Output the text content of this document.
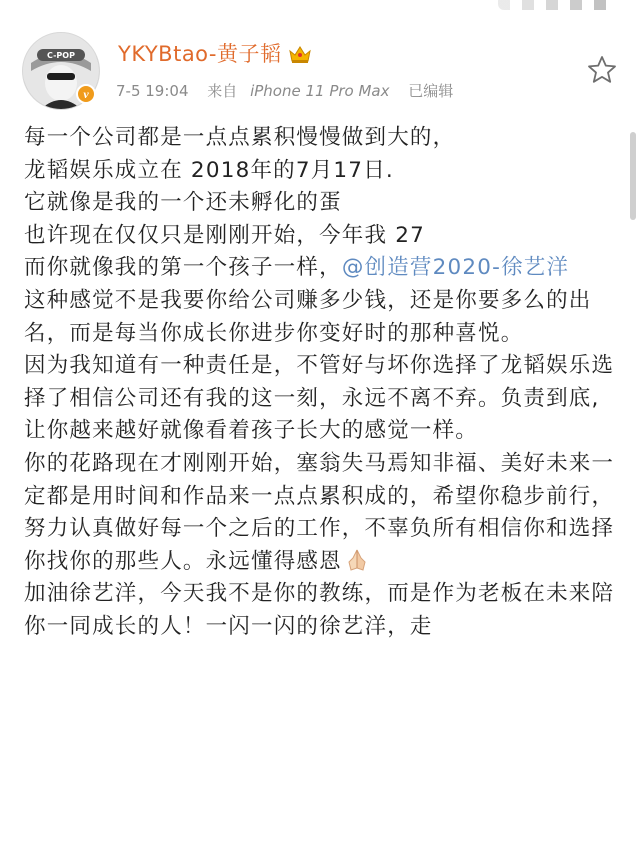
C-POP
v
YKYBtao-黄子韬
7-5 19:04 来自 iPhone 11 Pro Max 已编辑

每一个公司都是一点点累积慢慢做到大的，
龙韬娱乐成立在 2018年的7月17日.
它就像是我的一个还未孵化的蛋
也许现在仅仅只是刚刚开始，今年我 27
而你就像我的第一个孩子一样，@创造营2020-徐艺洋

这种感觉不是我要你给公司赚多少钱，还是你要多么的出名，而是每当你成长你进步你变好时的那种喜悦。

因为我知道有一种责任是，不管好与坏你选择了龙韬娱乐选择了相信公司还有我的这一刻，永远不离不弃。负责到底,让你越来越好就像看着孩子长大的感觉一样。

你的花路现在才刚刚开始，塞翁失马焉知非福、美好未来一定都是用时间和作品来一点点累积成的，希望你稳步前行，努力认真做好每一个之后的工作，不辜负所有相信你和选择你找你的那些人。永远懂得感恩

加油徐艺洋，今天我不是你的教练，而是作为老板在未来陪你一同成长的人！一闪一闪的徐艺洋，走
